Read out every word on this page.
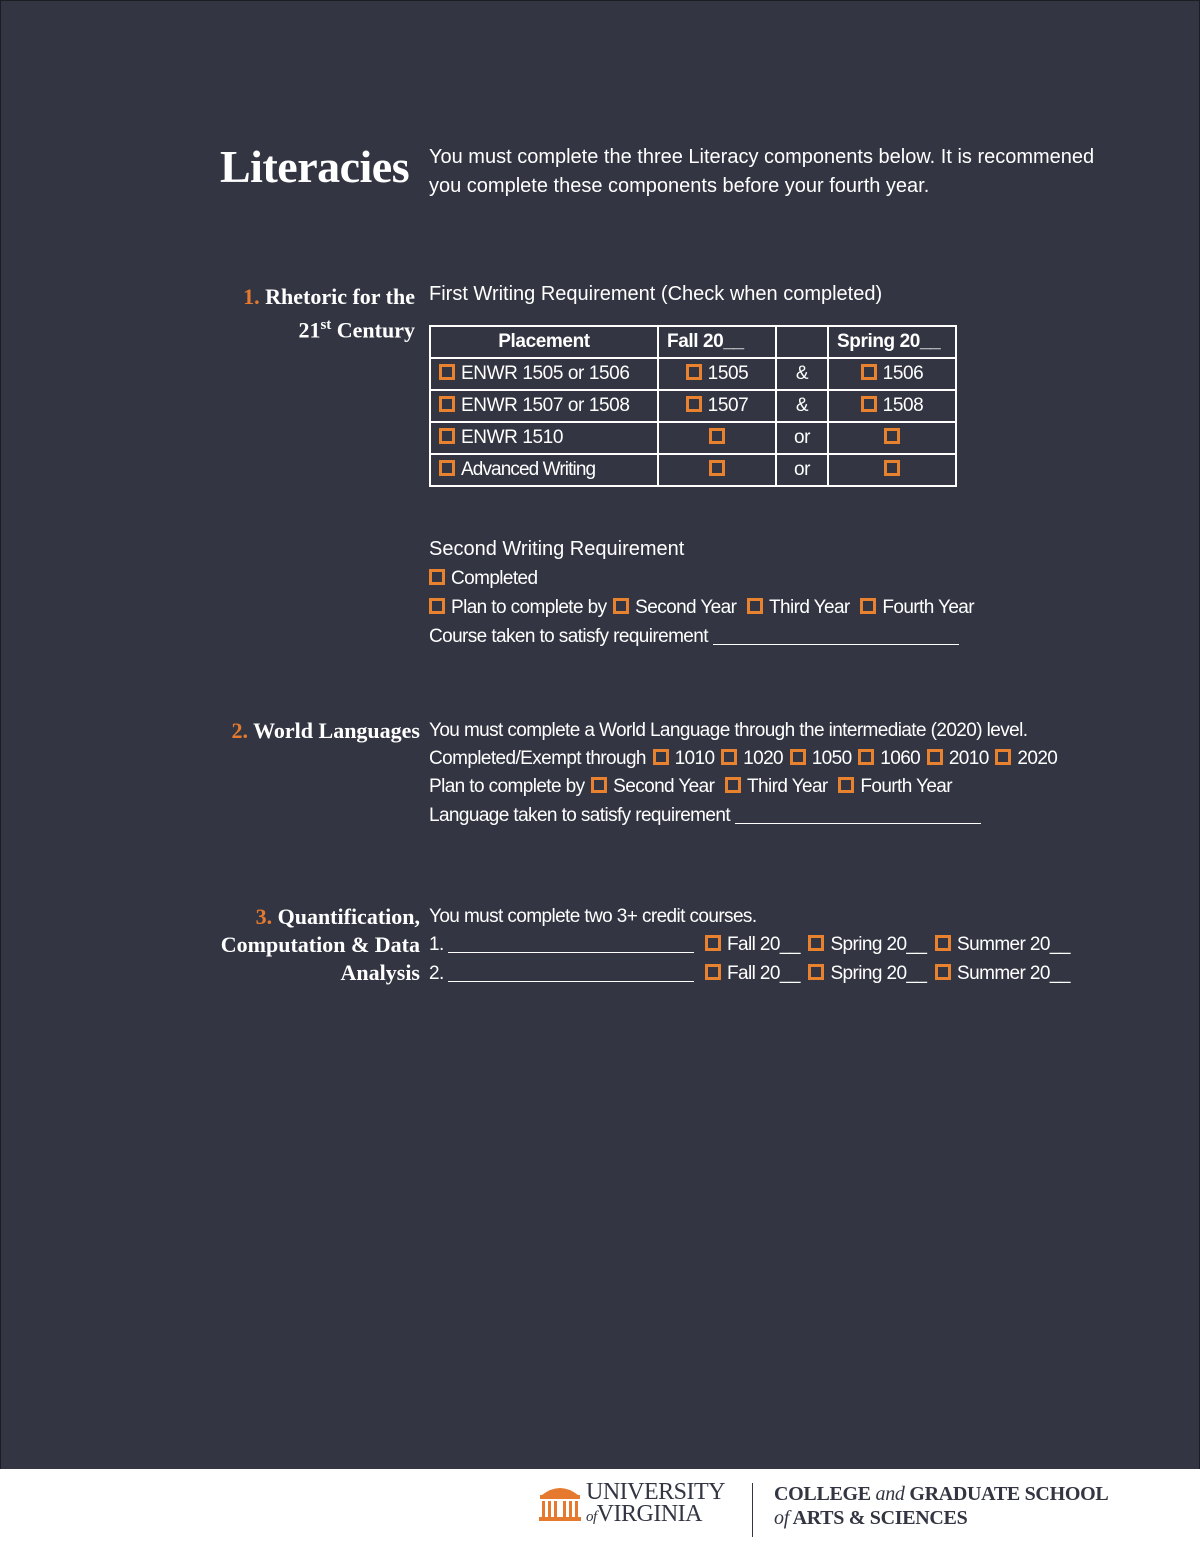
Literacies You must complete the three Literacy components below. It is recommened
you complete these components before your fourth year.
1. Rhetoric for the
21st Century
First Writing Requirement (Check when completed)
Placement	Fall 20__		Spring 20__
ENWR 1505 or 1506	1505	&	1506
ENWR 1507 or 1508	1507	&	1508
ENWR 1510		or	
Advanced Writing		or	
Second Writing Requirement
Completed
Plan to complete by Second Year Third Year Fourth Year
Course taken to satisfy requirement
2. World Languages You must complete a World Language through the intermediate (2020) level.
Completed/Exempt through 1010 1020 1050 1060 2010 2020
Plan to complete by Second Year Third Year Fourth Year
Language taken to satisfy requirement
3. Quantification,
Computation & Data
Analysis
You must complete two 3+ credit courses.
1.	Fall 20__ Spring 20__ Summer 20__
2.	Fall 20__ Spring 20__ Summer 20__
UNIVERSITY
ofVIRGINIA
COLLEGE and GRADUATE SCHOOL
of ARTS & SCIENCES
